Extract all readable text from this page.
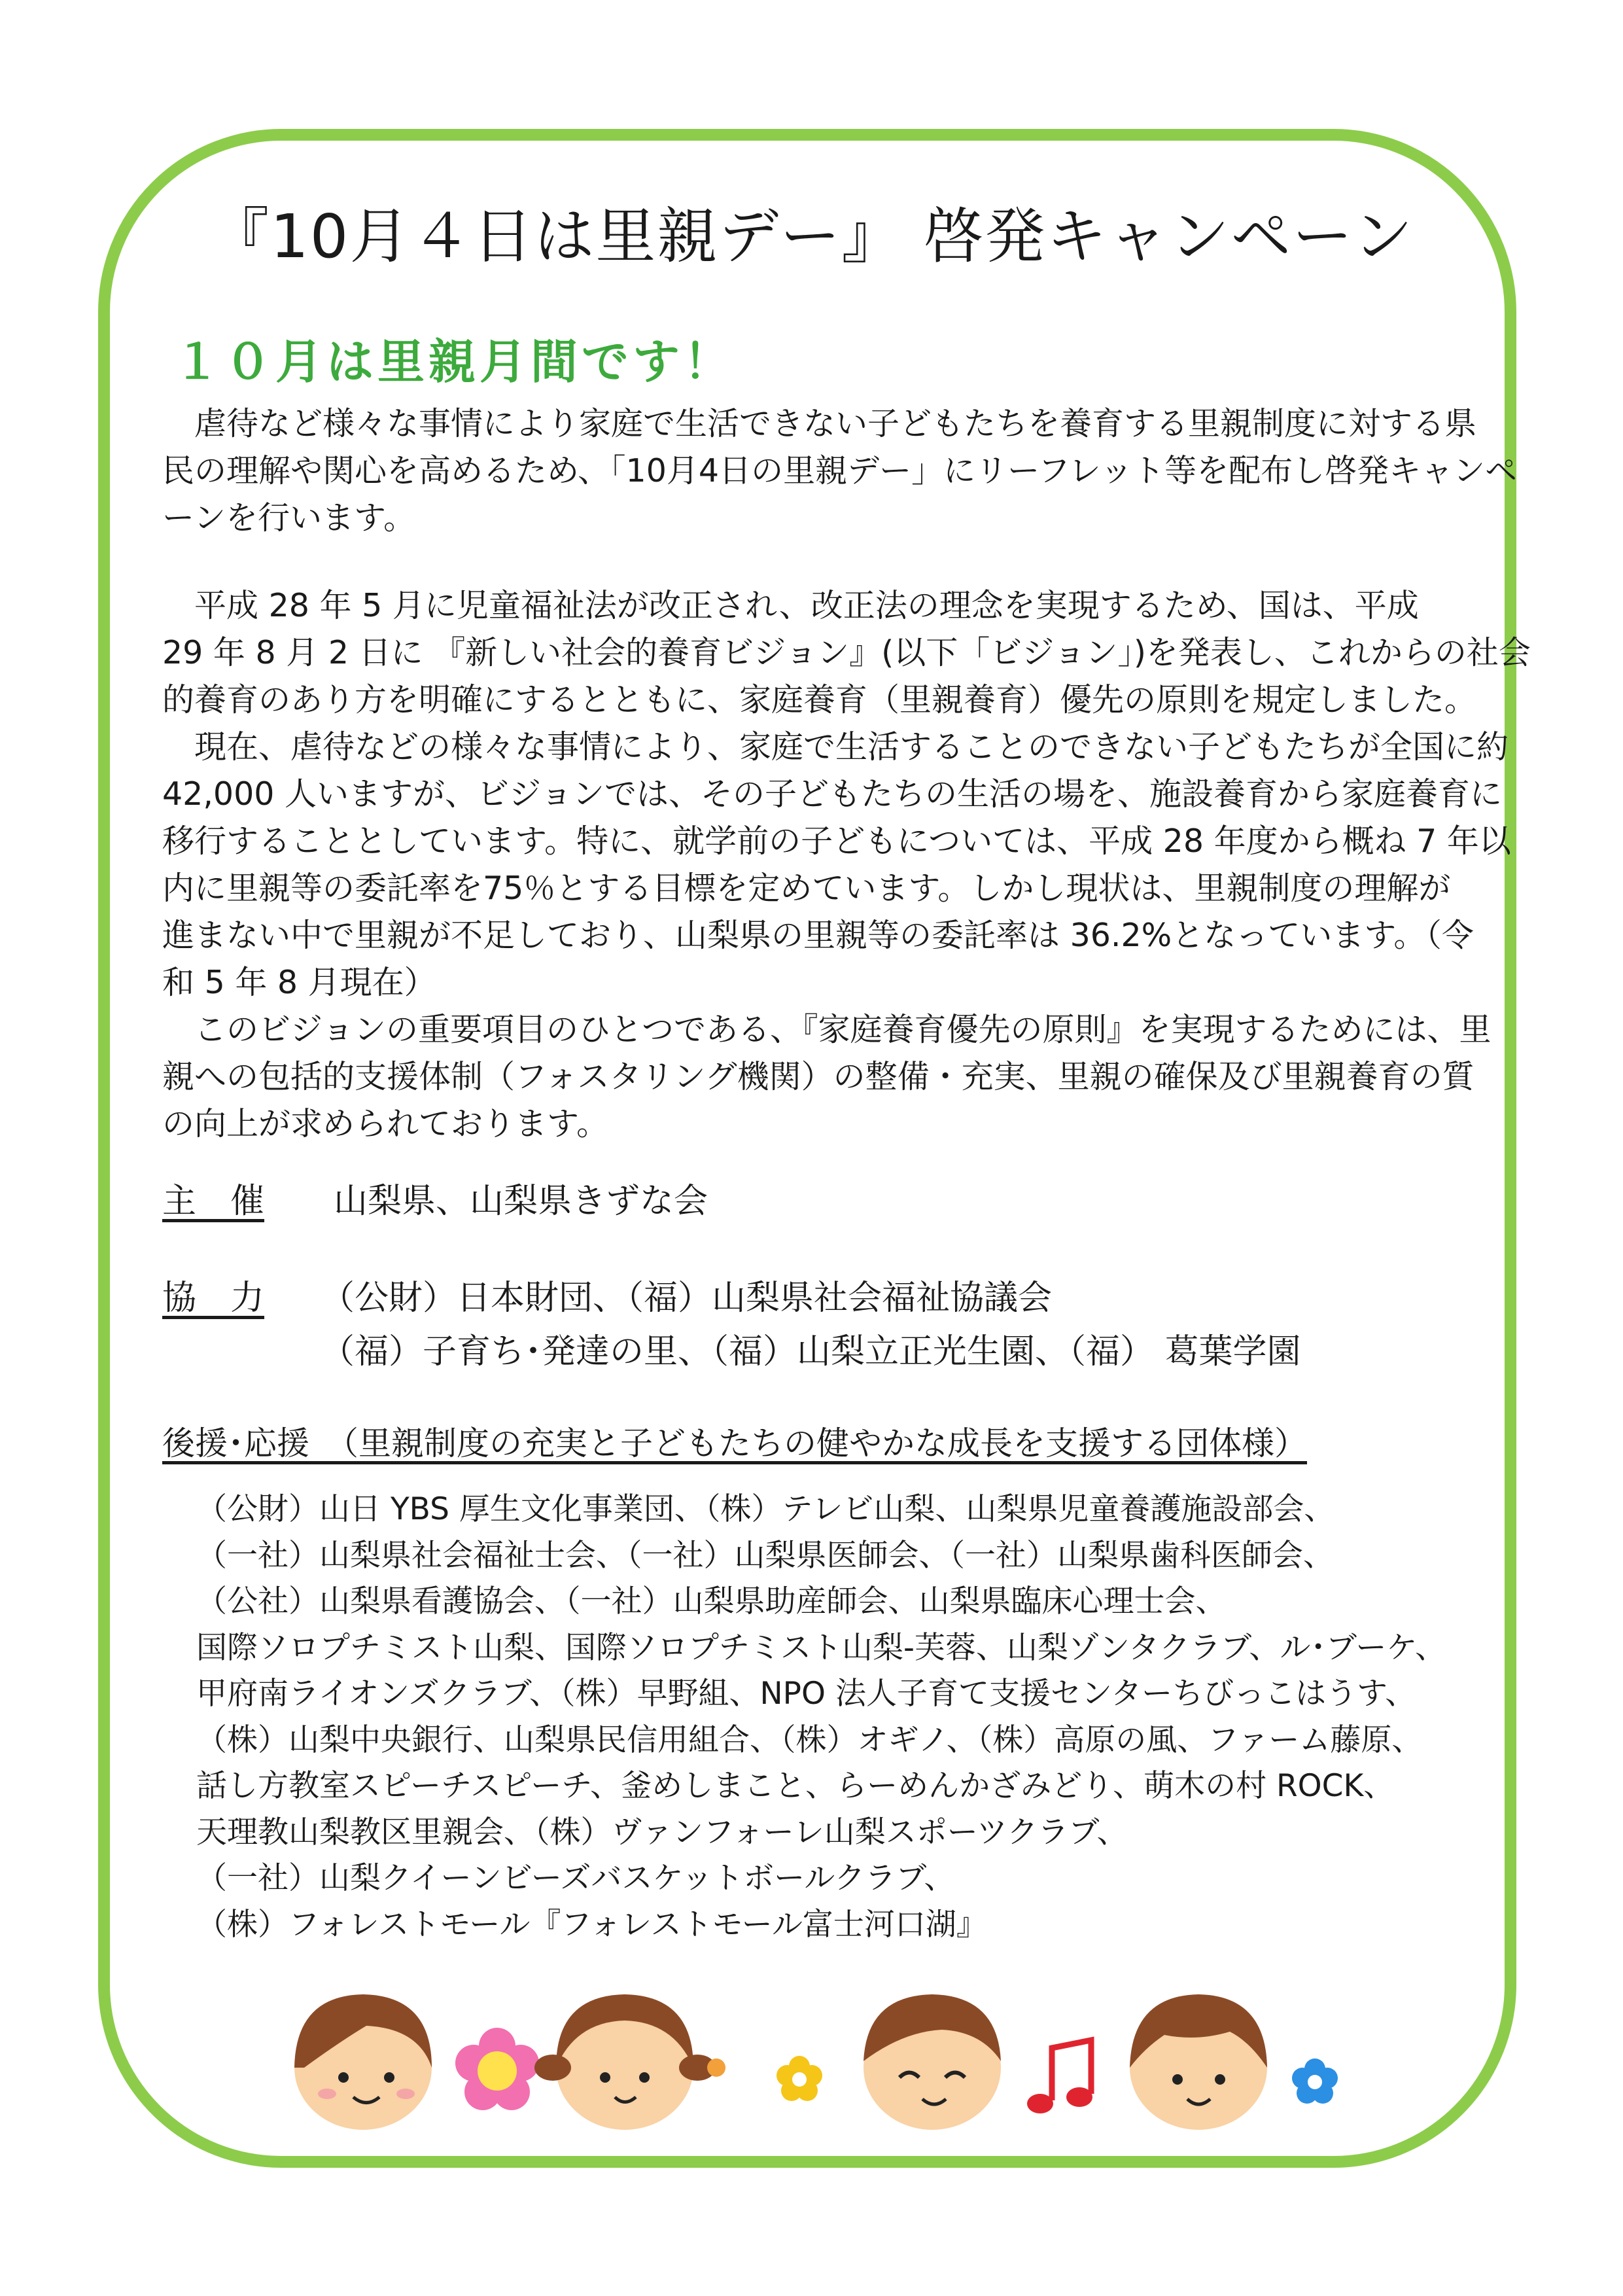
『10月４日は里親デー』 啓発キャンペーン
１０月は里親月間です！
　虐待など様々な事情により家庭で生活できない子どもたちを養育する里親制度に対する県
民の理解や関心を高めるため、「10月4日の里親デー」にリーフレット等を配布し啓発キャンペ
ーンを行います。
　平成 28 年 5 月に児童福祉法が改正され、改正法の理念を実現するため、国は、平成
29 年 8 月 2 日に 『新しい社会的養育ビジョン』(以下「ビジョン」)を発表し、これからの社会
的養育のあり方を明確にするとともに、家庭養育（里親養育）優先の原則を規定しました。
　現在、虐待などの様々な事情により、家庭で生活することのできない子どもたちが全国に約
42,000 人いますが、ビジョンでは、その子どもたちの生活の場を、施設養育から家庭養育に
移行することとしています。特に、就学前の子どもについては、平成 28 年度から概ね 7 年以
内に里親等の委託率を75％とする目標を定めています。しかし現状は、里親制度の理解が
進まない中で里親が不足しており、山梨県の里親等の委託率は 36.2%となっています。（令
和 5 年 8 月現在）
　このビジョンの重要項目のひとつである、『家庭養育優先の原則』を実現するためには、里
親への包括的支援体制（フォスタリング機関）の整備・充実、里親の確保及び里親養育の質
の向上が求められております。
主　催 山梨県、山梨県きずな会
協　力 （公財）日本財団、（福）山梨県社会福祉協議会
（福）子育ち･発達の里、（福）山梨立正光生園、（福） 葛葉学園
後援･応援　（里親制度の充実と子どもたちの健やかな成長を支援する団体様）
（公財）山日 YBS 厚生文化事業団、（株）テレビ山梨、山梨県児童養護施設部会、
（一社）山梨県社会福祉士会、（一社）山梨県医師会、（一社）山梨県歯科医師会、
（公社）山梨県看護協会、（一社）山梨県助産師会、山梨県臨床心理士会、
国際ソロプチミスト山梨、国際ソロプチミスト山梨-芙蓉、山梨ゾンタクラブ、ル･ブーケ、
甲府南ライオンズクラブ、（株）早野組、NPO 法人子育て支援センターちびっこはうす、
（株）山梨中央銀行、山梨県民信用組合、（株）オギノ、（株）高原の風、ファーム藤原、
話し方教室スピーチスピーチ、釜めしまこと、らーめんかざみどり、萌木の村 ROCK、
天理教山梨教区里親会、（株）ヴァンフォーレ山梨スポーツクラブ、
（一社）山梨クイーンビーズバスケットボールクラブ、
（株）フォレストモール『フォレストモール富士河口湖』
